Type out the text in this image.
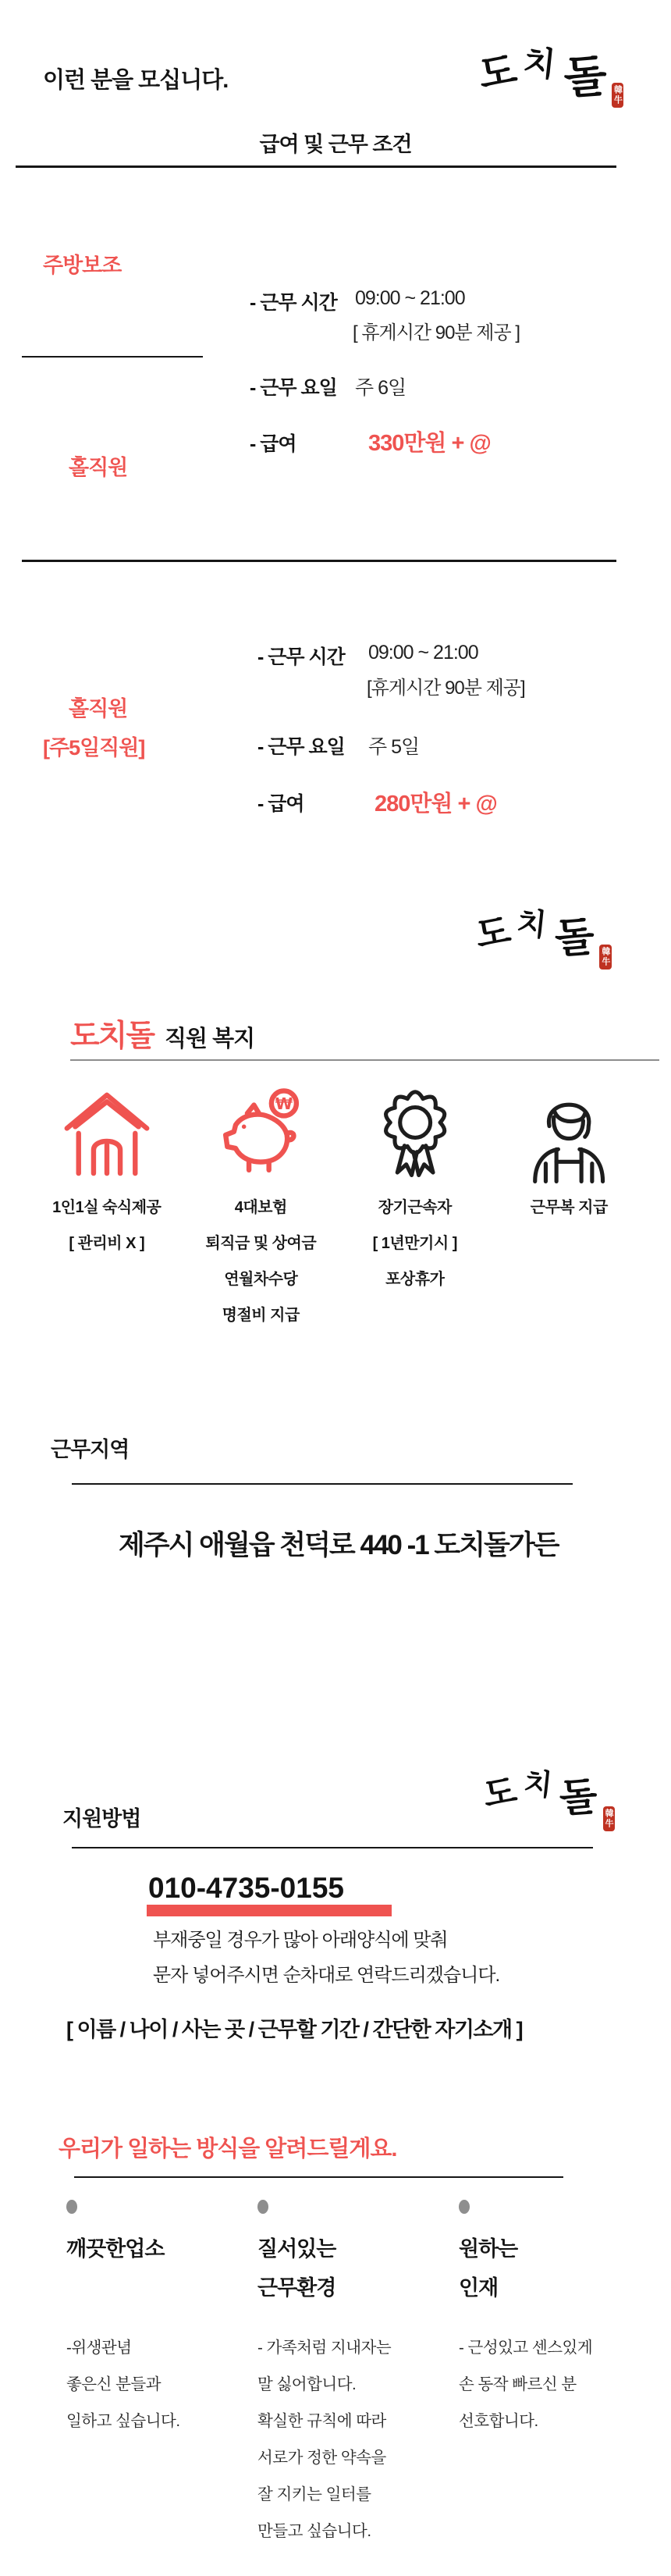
이런 분을 모십니다.	도 치 돌 韓牛
급여 및 근무 조건
주방보조
- 근무 시간 09:00 ~ 21:00
[ 휴게시간 90분 제공 ]
- 근무 요일 주 6일
- 급여	330만원 + @
홀직원
- 근무 시간 09:00 ~ 21:00
[휴게시간 90분 제공]
홀직원
[주5일직원]	- 근무 요일 주 5일
- 급여	280만원 + @
도 치 돌 韓牛
도치돌 직원 복지
1인1실 숙식제공
[ 관리비 X ]
₩
4대보험
퇴직금 및 상여금
연월차수당
명절비 지급
장기근속자
[ 1년만기시 ]
포상휴가
근무복 지급
근무지역
제주시 애월읍 천덕로 440 -1 도치돌가든
도 치 돌 韓牛
지원방법
010-4735-0155
부재중일 경우가 많아 아래양식에 맞춰
문자 넣어주시면 순차대로 연락드리겠습니다.
[ 이름 / 나이 / 사는 곳 / 근무할 기간 / 간단한 자기소개 ]
우리가 일하는 방식을 알려드릴게요.
깨끗한업소
-위생관념
좋은신 분들과
일하고 싶습니다.
질서있는
근무환경
- 가족처럼 지내자는
말 싫어합니다.
확실한 규칙에 따라
서로가 정한 약속을
잘 지키는 일터를
만들고 싶습니다.
원하는
인재
- 근성있고 센스있게
손 동작 빠르신 분
선호합니다.
